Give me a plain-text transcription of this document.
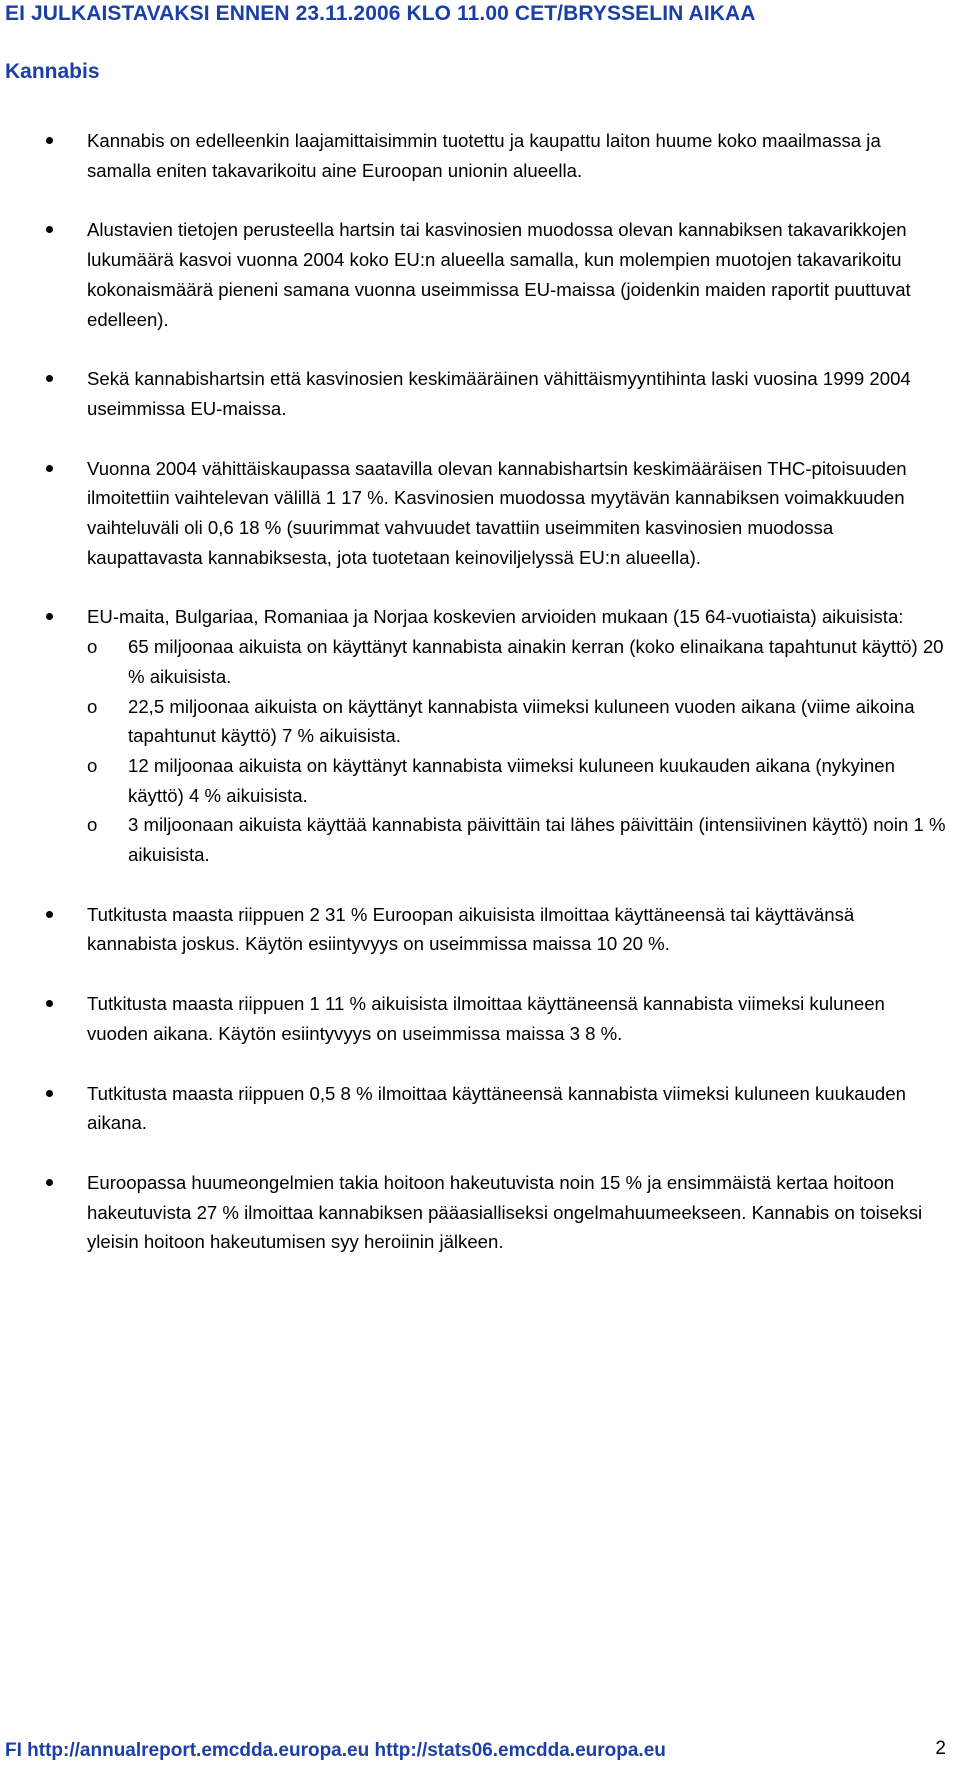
EI JULKAISTAVAKSI ENNEN 23.11.2006 KLO 11.00 CET/BRYSSELIN AIKAA
Kannabis
Kannabis on edelleenkin laajamittaisimmin tuotettu ja kaupattu laiton huume koko maailmassa ja samalla eniten takavarikoitu aine Euroopan unionin alueella.
Alustavien tietojen perusteella hartsin tai kasvinosien muodossa olevan kannabiksen takavarikkojen lukumäärä kasvoi vuonna 2004 koko EU:n alueella samalla, kun molempien muotojen takavarikoitu kokonaismäärä pieneni samana vuonna useimmissa EU-maissa (joidenkin maiden raportit puuttuvat edelleen).
Sekä kannabishartsin että kasvinosien keskimääräinen vähittäismyyntihinta laski vuosina 1999 2004 useimmissa EU-maissa.
Vuonna 2004 vähittäiskaupassa saatavilla olevan kannabishartsin keskimääräisen THC-pitoisuuden ilmoitettiin vaihtelevan välillä 1 17 %. Kasvinosien muodossa myytävän kannabiksen voimakkuuden vaihteluväli oli 0,6 18 % (suurimmat vahvuudet tavattiin useimmiten kasvinosien muodossa kaupattavasta kannabiksesta, jota tuotetaan keinoviljelyssä EU:n alueella).
EU-maita, Bulgariaa, Romaniaa ja Norjaa koskevien arvioiden mukaan (15 64-vuotiaista) aikuisista:
o 65 miljoonaa aikuista on käyttänyt kannabista ainakin kerran (koko elinaikana tapahtunut käyttö) 20 % aikuisista.
o 22,5 miljoonaa aikuista on käyttänyt kannabista viimeksi kuluneen vuoden aikana (viime aikoina tapahtunut käyttö) 7 % aikuisista.
o 12 miljoonaa aikuista on käyttänyt kannabista viimeksi kuluneen kuukauden aikana (nykyinen käyttö) 4 % aikuisista.
o 3 miljoonaan aikuista käyttää kannabista päivittäin tai lähes päivittäin (intensiivinen käyttö) noin 1 % aikuisista.
Tutkitusta maasta riippuen 2 31 % Euroopan aikuisista ilmoittaa käyttäneensä tai käyttävänsä kannabista joskus. Käytön esiintyvyys on useimmissa maissa 10 20 %.
Tutkitusta maasta riippuen 1 11 % aikuisista ilmoittaa käyttäneensä kannabista viimeksi kuluneen vuoden aikana. Käytön esiintyvyys on useimmissa maissa 3 8 %.
Tutkitusta maasta riippuen 0,5 8 % ilmoittaa käyttäneensä kannabista viimeksi kuluneen kuukauden aikana.
Euroopassa huumeongelmien takia hoitoon hakeutuvista noin 15 % ja ensimmäistä kertaa hoitoon hakeutuvista 27 % ilmoittaa kannabiksen pääasialliseksi ongelmahuumeekseen. Kannabis on toiseksi yleisin hoitoon hakeutumisen syy heroiinin jälkeen.
FI http://annualreport.emcdda.europa.eu http://stats06.emcdda.europa.eu	2
